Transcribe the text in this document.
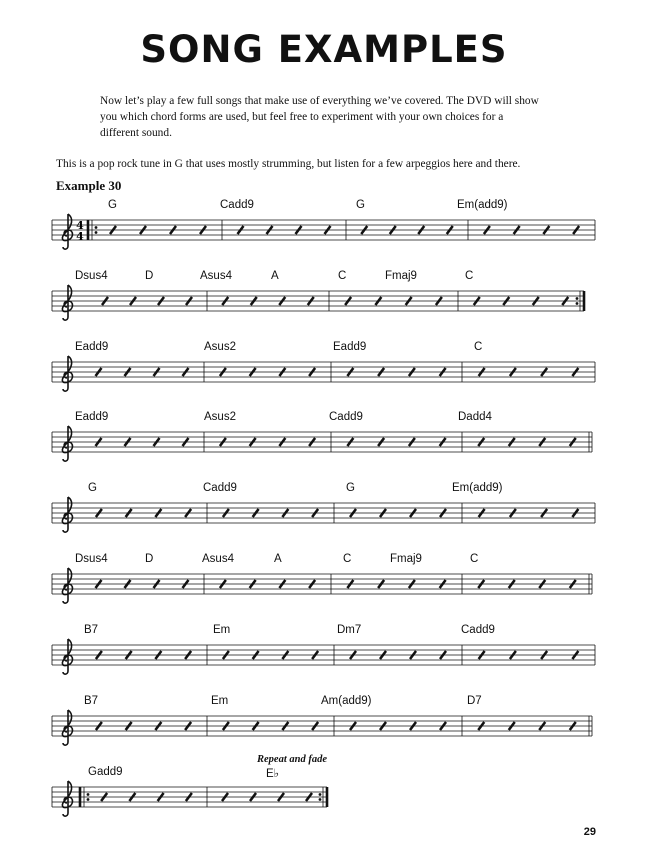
SONG EXAMPLES
Now let’s play a few full songs that make use of everything we’ve covered. The DVD will show you which chord forms are used, but feel free to experiment with your own choices for a different sound.
This is a pop rock tune in G that uses mostly strumming, but listen for a few arpeggios here and there.
Example 30
4
4
G	Cadd9	G	Em(add9)
Dsus4	D	Asus4	A	C	Fmaj9	C
Eadd9	Asus2	Eadd9	C
Eadd9	Asus2	Cadd9	Dadd4
G	Cadd9	G	Em(add9)
Dsus4	D	Asus4	A	C	Fmaj9	C
B7	Em	Dm7	Cadd9
B7	Em	Am(add9)	D7
Gadd9	E♭
Repeat and fade
29
